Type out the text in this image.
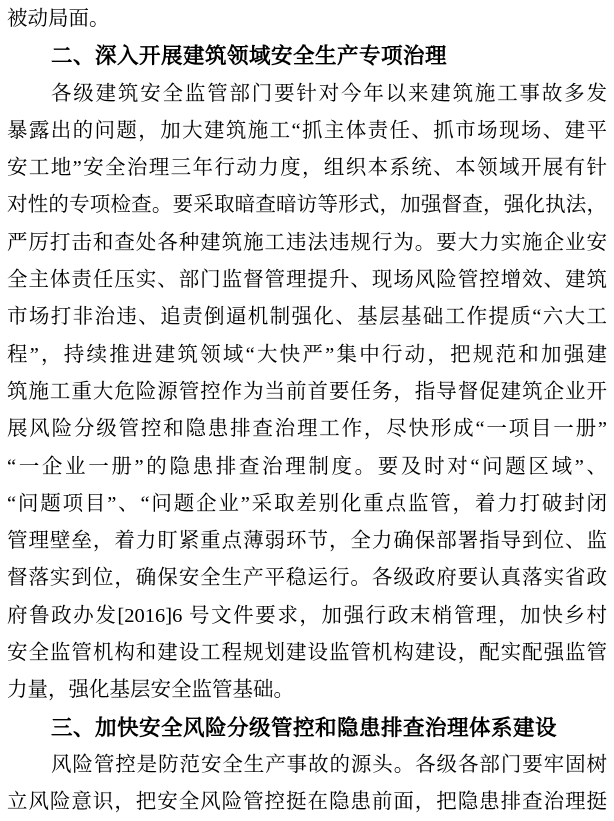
被动局面。
二、深入开展建筑领域安全生产专项治理
各级建筑安全监管部门要针对今年以来建筑施工事故多发
暴露出的问题，加大建筑施工“抓主体责任、抓市场现场、建平
安工地”安全治理三年行动力度，组织本系统、本领域开展有针
对性的专项检查。要采取暗查暗访等形式，加强督查，强化执法，
严厉打击和查处各种建筑施工违法违规行为。要大力实施企业安
全主体责任压实、部门监督管理提升、现场风险管控增效、建筑
市场打非治违、追责倒逼机制强化、基层基础工作提质“六大工
程”，持续推进建筑领域“大快严”集中行动，把规范和加强建
筑施工重大危险源管控作为当前首要任务，指导督促建筑企业开
展风险分级管控和隐患排查治理工作，尽快形成“一项目一册”
“一企业一册”的隐患排查治理制度。要及时对“问题区域”、
“问题项目”、“问题企业”采取差别化重点监管，着力打破封闭
管理壁垒，着力盯紧重点薄弱环节，全力确保部署指导到位、监
督落实到位，确保安全生产平稳运行。各级政府要认真落实省政
府鲁政办发[2016]6 号文件要求，加强行政末梢管理，加快乡村
安全监管机构和建设工程规划建设监管机构建设，配实配强监管
力量，强化基层安全监管基础。
三、加快安全风险分级管控和隐患排查治理体系建设
风险管控是防范安全生产事故的源头。各级各部门要牢固树
立风险意识，把安全风险管控挺在隐患前面，把隐患排查治理挺
